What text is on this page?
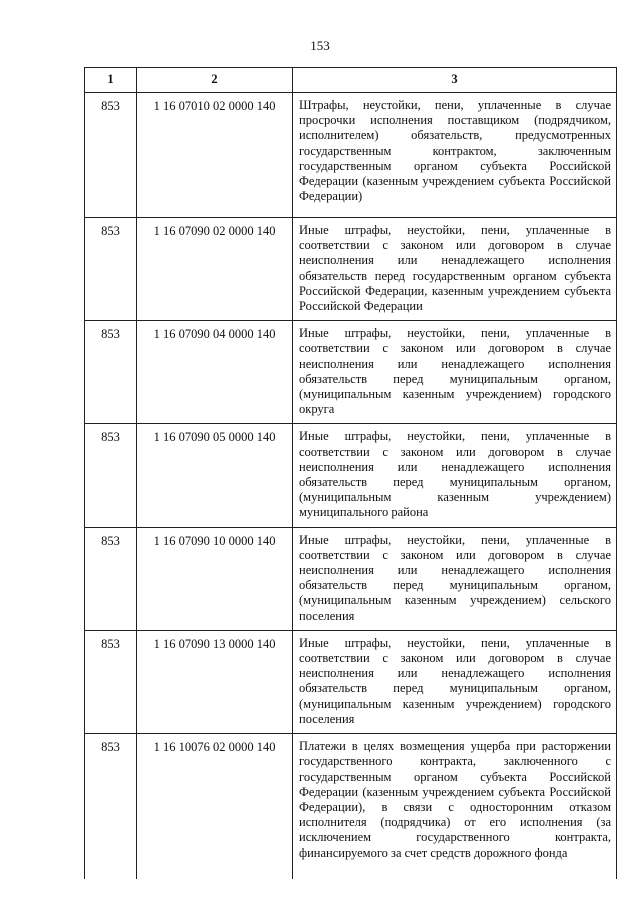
153
1	2	3
853	1 16 07010 02 0000 140	Штрафы, неустойки, пени, уплаченные в случае просрочки исполнения поставщиком (подрядчиком, исполнителем) обязательств, предусмотренных государственным контрактом, заключенным государственным органом субъекта Российской Федерации (казенным учреждением субъекта Российской Федерации)
853	1 16 07090 02 0000 140	Иные штрафы, неустойки, пени, уплаченные в соответствии с законом или договором в случае неисполнения или ненадлежащего исполнения обязательств перед государственным органом субъекта Российской Федерации, казенным учреждением субъекта Российской Федерации
853	1 16 07090 04 0000 140	Иные штрафы, неустойки, пени, уплаченные в соответствии с законом или договором в случае неисполнения или ненадлежащего исполнения обязательств перед муниципальным органом, (муниципальным казенным учреждением) городского округа
853	1 16 07090 05 0000 140	Иные штрафы, неустойки, пени, уплаченные в соответствии с законом или договором в случае неисполнения или ненадлежащего исполнения обязательств перед муниципальным органом, (муниципальным казенным учреждением) муниципального района
853	1 16 07090 10 0000 140	Иные штрафы, неустойки, пени, уплаченные в соответствии с законом или договором в случае неисполнения или ненадлежащего исполнения обязательств перед муниципальным органом, (муниципальным казенным учреждением) сельского поселения
853	1 16 07090 13 0000 140	Иные штрафы, неустойки, пени, уплаченные в соответствии с законом или договором в случае неисполнения или ненадлежащего исполнения обязательств перед муниципальным органом, (муниципальным казенным учреждением) городского поселения
853	1 16 10076 02 0000 140	Платежи в целях возмещения ущерба при расторжении государственного контракта, заключенного с государственным органом субъекта Российской Федерации (казенным учреждением субъекта Российской Федерации), в связи с односторонним отказом исполнителя (подрядчика) от его исполнения (за исключением государственного контракта, финансируемого за счет средств дорожного фонда
